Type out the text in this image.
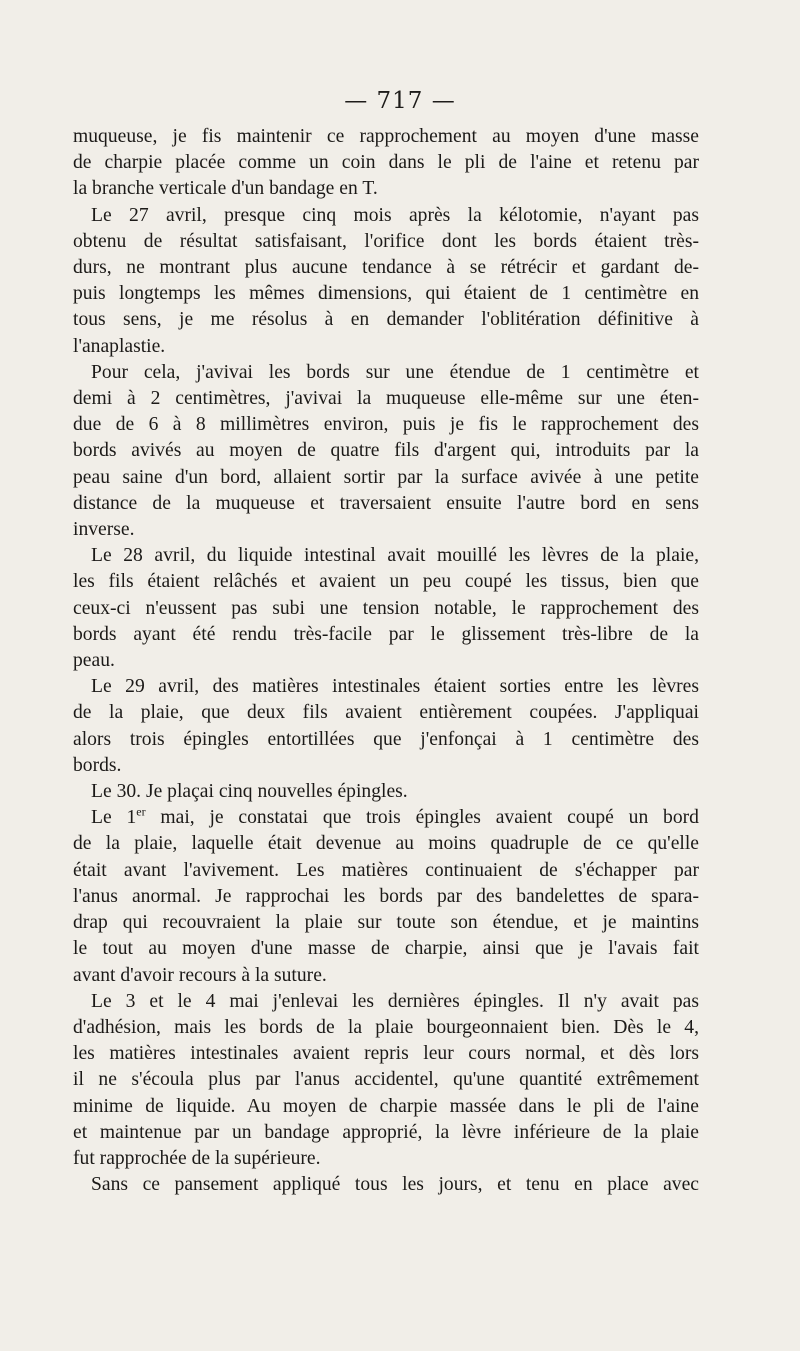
— 717 —

muqueuse, je fis maintenir ce rapprochement au moyen d'une masse
de charpie placée comme un coin dans le pli de l'aine et retenu par
la branche verticale d'un bandage en T.

Le 27 avril, presque cinq mois après la kélotomie, n'ayant pas
obtenu de résultat satisfaisant, l'orifice dont les bords étaient très-
durs, ne montrant plus aucune tendance à se rétrécir et gardant de-
puis longtemps les mêmes dimensions, qui étaient de 1 centimètre en
tous sens, je me résolus à en demander l'oblitération définitive à
l'anaplastie.

Pour cela, j'avivai les bords sur une étendue de 1 centimètre et
demi à 2 centimètres, j'avivai la muqueuse elle-même sur une éten-
due de 6 à 8 millimètres environ, puis je fis le rapprochement des
bords avivés au moyen de quatre fils d'argent qui, introduits par la
peau saine d'un bord, allaient sortir par la surface avivée à une petite
distance de la muqueuse et traversaient ensuite l'autre bord en sens
inverse.

Le 28 avril, du liquide intestinal avait mouillé les lèvres de la plaie,
les fils étaient relâchés et avaient un peu coupé les tissus, bien que
ceux-ci n'eussent pas subi une tension notable, le rapprochement des
bords ayant été rendu très-facile par le glissement très-libre de la
peau.

Le 29 avril, des matières intestinales étaient sorties entre les lèvres
de la plaie, que deux fils avaient entièrement coupées. J'appliquai
alors trois épingles entortillées que j'enfonçai à 1 centimètre des
bords.

Le 30. Je plaçai cinq nouvelles épingles.

Le 1er mai, je constatai que trois épingles avaient coupé un bord
de la plaie, laquelle était devenue au moins quadruple de ce qu'elle
était avant l'avivement. Les matières continuaient de s'échapper par
l'anus anormal. Je rapprochai les bords par des bandelettes de spara-
drap qui recouvraient la plaie sur toute son étendue, et je maintins
le tout au moyen d'une masse de charpie, ainsi que je l'avais fait
avant d'avoir recours à la suture.

Le 3 et le 4 mai j'enlevai les dernières épingles. Il n'y avait pas
d'adhésion, mais les bords de la plaie bourgeonnaient bien. Dès le 4,
les matières intestinales avaient repris leur cours normal, et dès lors
il ne s'écoula plus par l'anus accidentel, qu'une quantité extrêmement
minime de liquide. Au moyen de charpie massée dans le pli de l'aine
et maintenue par un bandage approprié, la lèvre inférieure de la plaie
fut rapprochée de la supérieure.

Sans ce pansement appliqué tous les jours, et tenu en place avec
